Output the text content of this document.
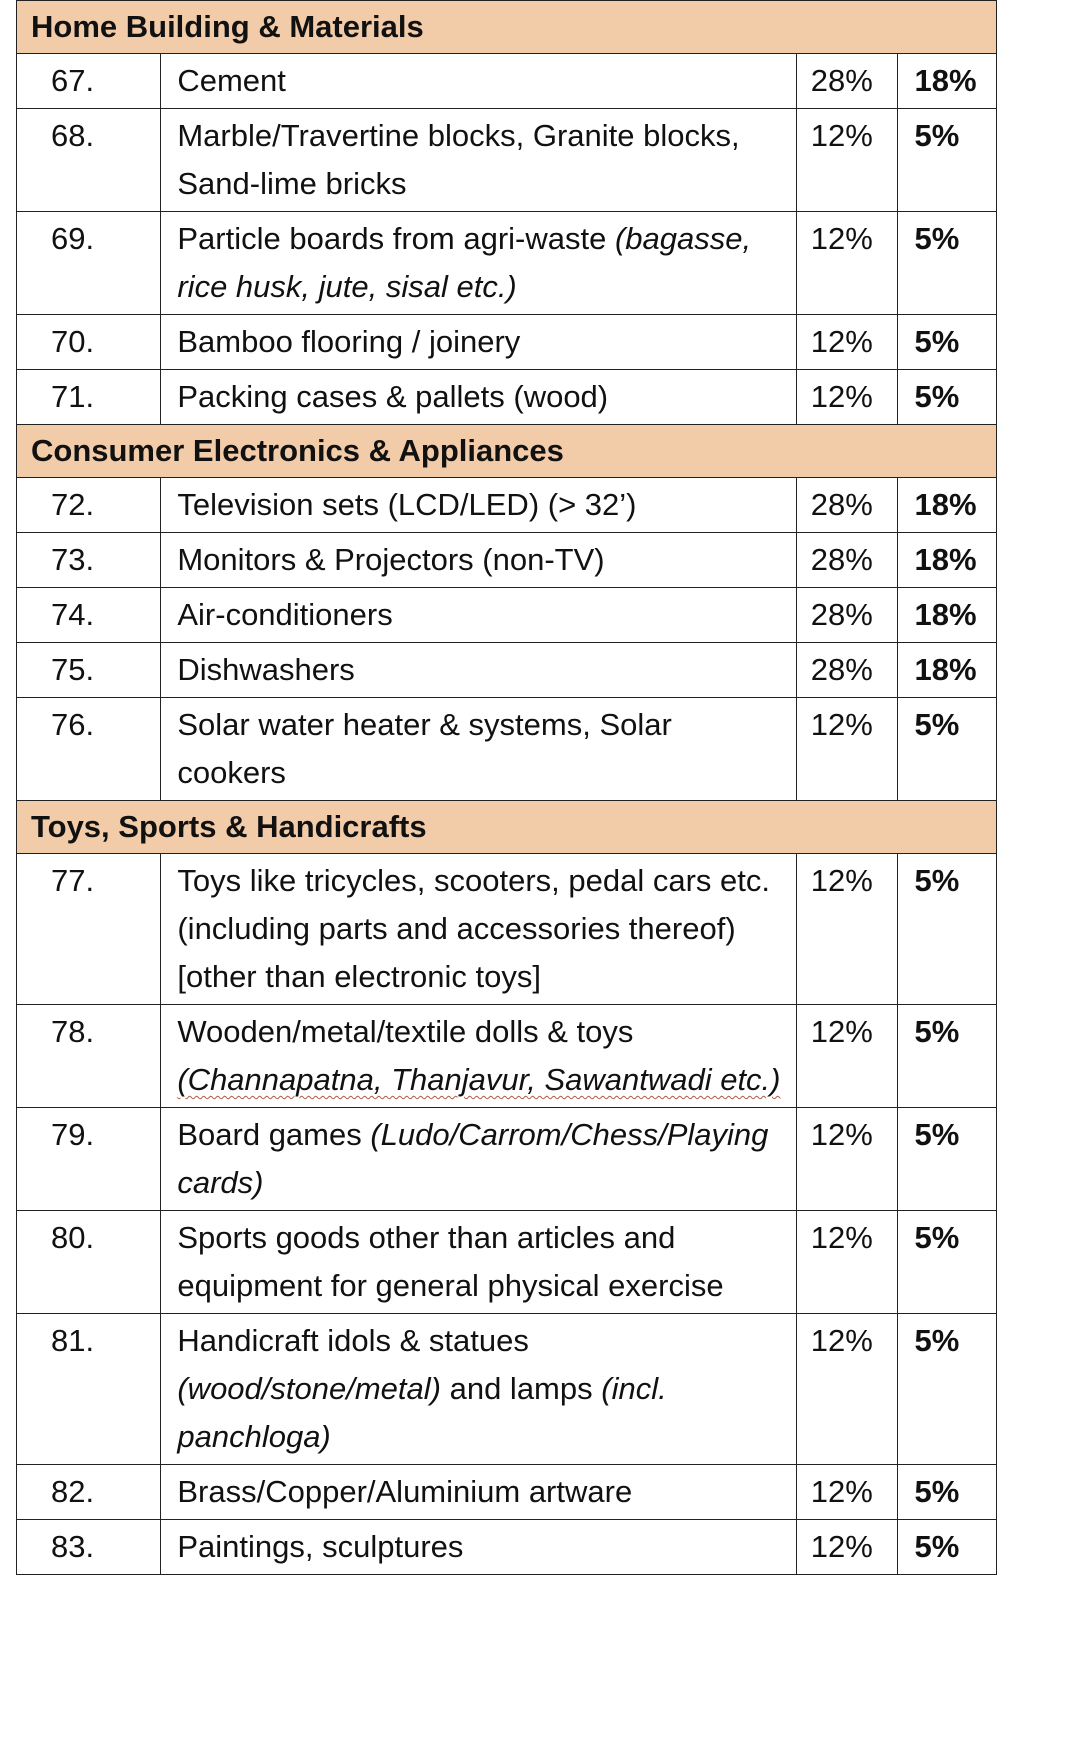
Home Building & Materials			
67.	Cement	28%	18%
68.	Marble/Travertine blocks, Granite blocks, Sand-lime bricks	12%	5%
69.	Particle boards from agri-waste (bagasse, rice husk, jute, sisal etc.)	12%	5%
70.	Bamboo flooring / joinery	12%	5%
71.	Packing cases & pallets (wood)	12%	5%
Consumer Electronics & Appliances			
72.	Television sets (LCD/LED) (> 32’)	28%	18%
73.	Monitors & Projectors (non-TV)	28%	18%
74.	Air-conditioners	28%	18%
75.	Dishwashers	28%	18%
76.	Solar water heater & systems, Solar cookers	12%	5%
Toys, Sports & Handicrafts			
77.	Toys like tricycles, scooters, pedal cars etc. (including parts and accessories thereof) [other than electronic toys]	12%	5%
78.	Wooden/metal/textile dolls & toys (Channapatna, Thanjavur, Sawantwadi etc.)	12%	5%
79.	Board games (Ludo/Carrom/Chess/Playing cards)	12%	5%
80.	Sports goods other than articles and equipment for general physical exercise	12%	5%
81.	Handicraft idols & statues (wood/stone/metal) and lamps (incl. panchloga)	12%	5%
82.	Brass/Copper/Aluminium artware	12%	5%
83.	Paintings, sculptures	12%	5%
